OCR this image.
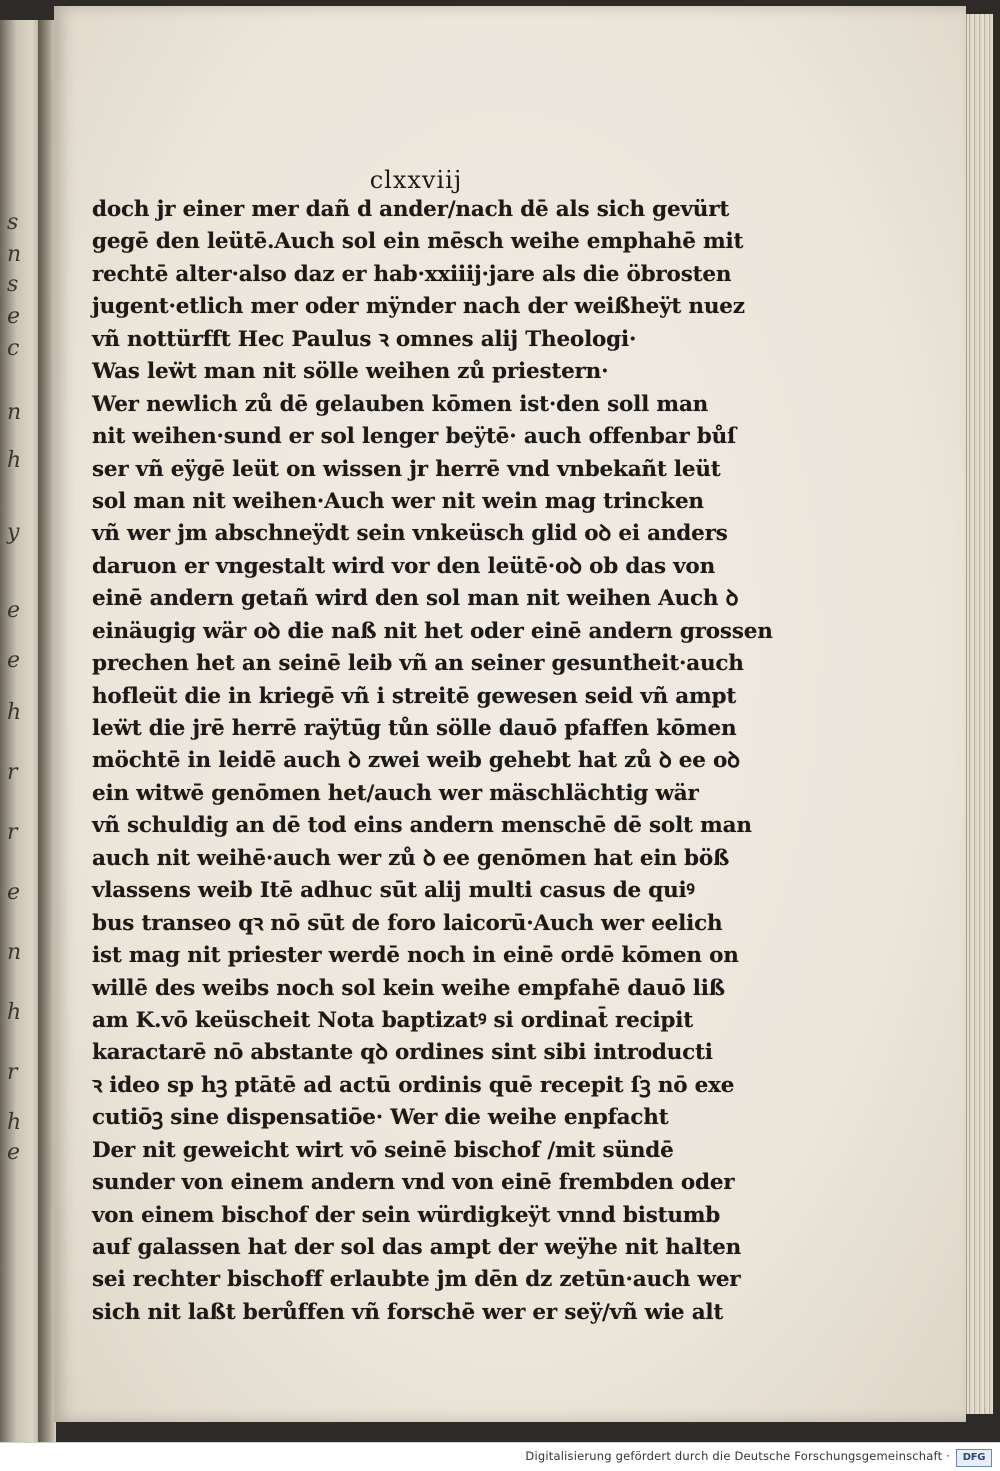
s
n
s
e
c
n
h
y
e
e
h
r
r
e
n
h
r
h
e
clxxviij
doch jr einer mer dañ d ander/nach dē als sich gevürt
gegē den leütē.Auch sol ein mēsch weihe emphahē mit
rechtē alter·also daz er hab·xxiiij·jare als die öbrosten
jugent·etlich mer oder mÿnder nach der weißheÿt nuez
vñ nottürfft Hec Paulus ꝛ omnes alij Theologi·
Was leẅt man nit sölle weihen zů priestern·
Wer newlich zů dē gelauben kōmen ist·den soll man
nit weihen·sund er sol lenger beÿtē· auch offenbar bůſ
ser vñ eÿgē leüt on wissen jr herrē vnd vnbekañt leüt
sol man nit weihen·Auch wer nit wein mag trincken
vñ wer jm abschneÿdt sein vnkeüsch glid oꝺ ei anders
daruon er vngestalt wird vor den leütē·oꝺ ob das von
einē andern getañ wird den sol man nit weihen Auch ꝺ
einäugig wär oꝺ die naß nit het oder einē andern grossen
prechen het an seinē leib vñ an seiner gesuntheit·auch
hofleüt die in kriegē vñ i streitē gewesen seid vñ ampt
leẅt die jrē herrē raÿtūg tůn sölle dauō pfaffen kōmen
möchtē in leidē auch ꝺ zwei weib gehebt hat zů ꝺ ee oꝺ
ein witwē genōmen het/auch wer mäschlächtig wär
vñ schuldig an dē tod eins andern menschē dē solt man
auch nit weihē·auch wer zů ꝺ ee genōmen hat ein böß
vlassens weib Itē adhuc sūt alij multi casus de quiꝰ
bus transeo qꝛ nō sūt de foro laicorū·Auch wer eelich
ist mag nit priester werdē noch in einē ordē kōmen on
willē des weibs noch sol kein weihe empfahē dauō liß
am K.vō keüscheit Nota baptizatꝰ si ordinat̄ recipit
karactarē nō abstante qꝺ ordines sint sibi introducti
ꝛ ideo sp hꝫ ptātē ad actū ordinis quē recepit ſꝫ nō exe
cutiōꝫ sine dispensatiōe· Wer die weihe enpfacht
Der nit geweicht wirt vō seinē bischof /mit sündē
sunder von einem andern vnd von einē frembden oder
von einem bischof der sein würdigkeÿt vnnd bistumb
auf galassen hat der sol das ampt der weÿhe nit halten
sei rechter bischoff erlaubte jm dēn dz zetūn·auch wer
sich nit laßt berůffen vñ forschē wer er seÿ/vñ wie alt
Digitalisierung gefördert durch die Deutsche Forschungsgemeinschaft ·	DFG
